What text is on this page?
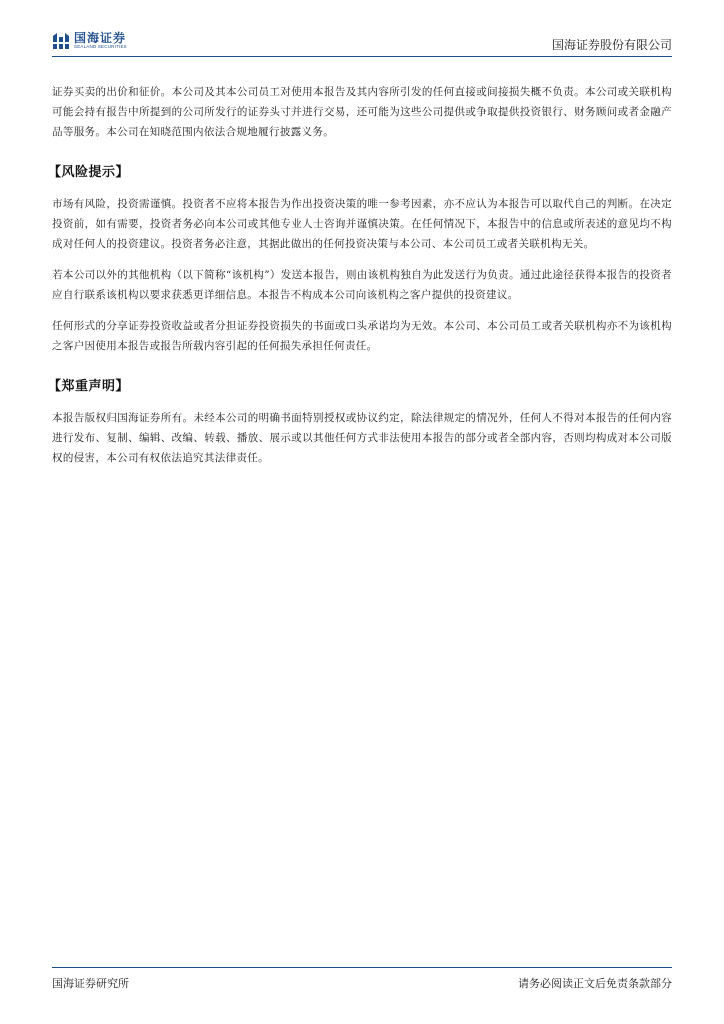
国海证券
SEALAND SECURITIES	国海证券股份有限公司

证券买卖的出价和征价。本公司及其本公司员工对使用本报告及其内容所引发的任何直接或间接损失概不负责。本公司或关联机构可能会持有报告中所提到的公司所发行的证券头寸并进行交易，还可能为这些公司提供或争取提供投资银行、财务顾问或者金融产品等服务。本公司在知晓范围内依法合规地履行披露义务。

【风险提示】

市场有风险，投资需谨慎。投资者不应将本报告为作出投资决策的唯一参考因素，亦不应认为本报告可以取代自己的判断。在决定投资前，如有需要，投资者务必向本公司或其他专业人士咨询并谨慎决策。在任何情况下，本报告中的信息或所表述的意见均不构成对任何人的投资建议。投资者务必注意，其据此做出的任何投资决策与本公司、本公司员工或者关联机构无关。

若本公司以外的其他机构（以下简称“该机构”）发送本报告，则由该机构独自为此发送行为负责。通过此途径获得本报告的投资者应自行联系该机构以要求获悉更详细信息。本报告不构成本公司向该机构之客户提供的投资建议。

任何形式的分享证券投资收益或者分担证券投资损失的书面或口头承诺均为无效。本公司、本公司员工或者关联机构亦不为该机构之客户因使用本报告或报告所载内容引起的任何损失承担任何责任。

【郑重声明】

本报告版权归国海证券所有。未经本公司的明确书面特别授权或协议约定，除法律规定的情况外，任何人不得对本报告的任何内容进行发布、复制、编辑、改编、转载、播放、展示或以其他任何方式非法使用本报告的部分或者全部内容，否则均构成对本公司版权的侵害，本公司有权依法追究其法律责任。

国海证券研究所	请务必阅读正文后免责条款部分
